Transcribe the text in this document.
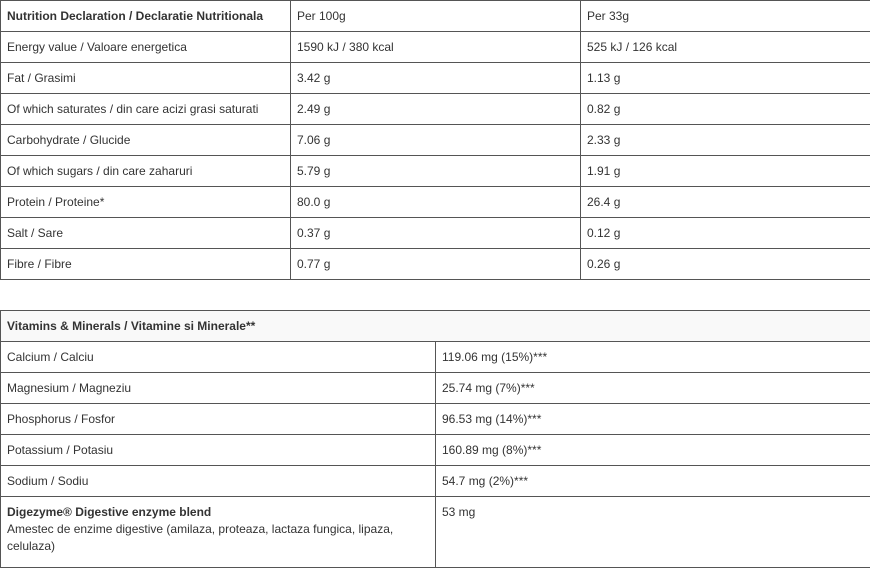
Nutrition Declaration / Declaratie Nutritionala	Per 100g	Per 33g
Energy value / Valoare energetica	1590 kJ / 380 kcal	525 kJ / 126 kcal
Fat / Grasimi	3.42 g	1.13 g
Of which saturates / din care acizi grasi saturati	2.49 g	0.82 g
Carbohydrate / Glucide	7.06 g	2.33 g
Of which sugars / din care zaharuri	5.79 g	1.91 g
Protein / Proteine*	80.0 g	26.4 g
Salt / Sare	0.37 g	0.12 g
Fibre / Fibre	0.77 g	0.26 g
Vitamins & Minerals / Vitamine si Minerale**	
Calcium / Calciu	119.06 mg (15%)***
Magnesium / Magneziu	25.74 mg (7%)***
Phosphorus / Fosfor	96.53 mg (14%)***
Potassium / Potasiu	160.89 mg (8%)***
Sodium / Sodiu	54.7 mg (2%)***

Digezyme® Digestive enzyme blend
Amestec de enzime digestive (amilaza, proteaza, lactaza fungica, lipaza, celulaza)	53 mg
